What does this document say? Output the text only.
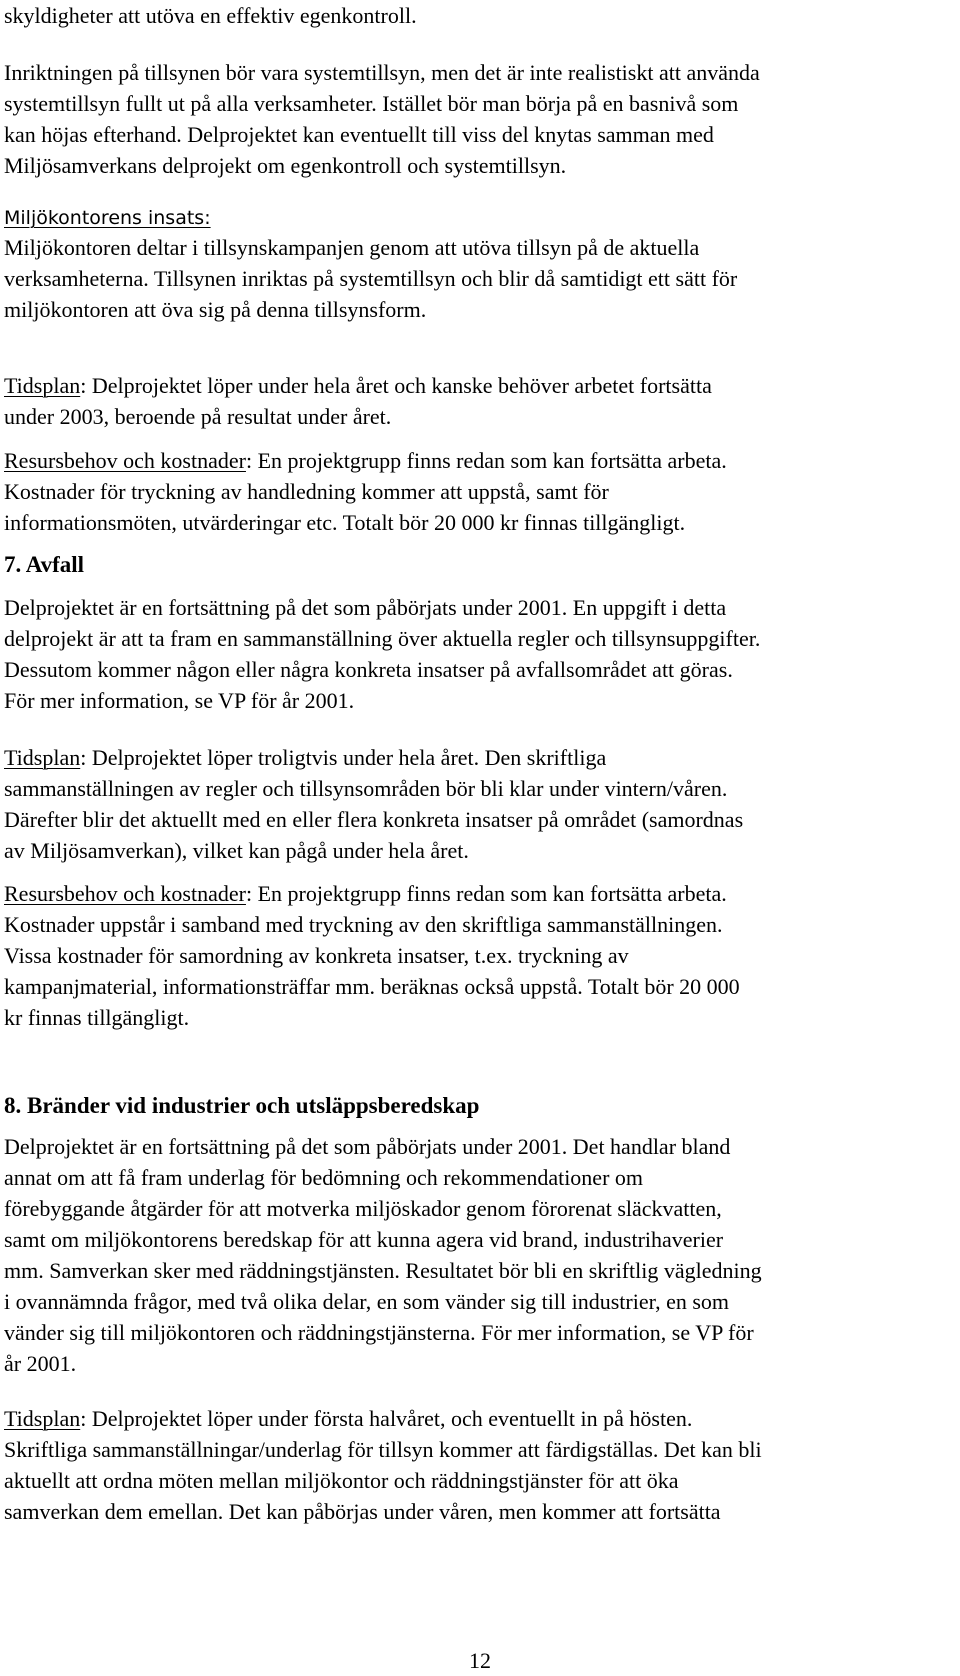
skyldigheter att utöva en effektiv egenkontroll.
Inriktningen på tillsynen bör vara systemtillsyn, men det är inte realistiskt att använda
systemtillsyn fullt ut på alla verksamheter. Istället bör man börja på en basnivå som
kan höjas efterhand. Delprojektet kan eventuellt till viss del knytas samman med
Miljösamverkans delprojekt om egenkontroll och systemtillsyn.
Miljökontorens insats:
Miljökontoren deltar i tillsynskampanjen genom att utöva tillsyn på de aktuella
verksamheterna. Tillsynen inriktas på systemtillsyn och blir då samtidigt ett sätt för
miljökontoren att öva sig på denna tillsynsform.
Tidsplan: Delprojektet löper under hela året och kanske behöver arbetet fortsätta
under 2003, beroende på resultat under året.
Resursbehov och kostnader: En projektgrupp finns redan som kan fortsätta arbeta.
Kostnader för tryckning av handledning kommer att uppstå, samt för
informationsmöten, utvärderingar etc. Totalt bör 20 000 kr finnas tillgängligt.
7. Avfall
Delprojektet är en fortsättning på det som påbörjats under 2001. En uppgift i detta
delprojekt är att ta fram en sammanställning över aktuella regler och tillsynsuppgifter.
Dessutom kommer någon eller några konkreta insatser på avfallsområdet att göras.
För mer information, se VP för år 2001.
Tidsplan: Delprojektet löper troligtvis under hela året. Den skriftliga
sammanställningen av regler och tillsynsområden bör bli klar under vintern/våren.
Därefter blir det aktuellt med en eller flera konkreta insatser på området (samordnas
av Miljösamverkan), vilket kan pågå under hela året.
Resursbehov och kostnader: En projektgrupp finns redan som kan fortsätta arbeta.
Kostnader uppstår i samband med tryckning av den skriftliga sammanställningen.
Vissa kostnader för samordning av konkreta insatser, t.ex. tryckning av
kampanjmaterial, informationsträffar mm. beräknas också uppstå. Totalt bör 20 000
kr finnas tillgängligt.
8. Bränder vid industrier och utsläppsberedskap
Delprojektet är en fortsättning på det som påbörjats under 2001. Det handlar bland
annat om att få fram underlag för bedömning och rekommendationer om
förebyggande åtgärder för att motverka miljöskador genom förorenat släckvatten,
samt om miljökontorens beredskap för att kunna agera vid brand, industrihaverier
mm. Samverkan sker med räddningstjänsten. Resultatet bör bli en skriftlig vägledning
i ovannämnda frågor, med två olika delar, en som vänder sig till industrier, en som
vänder sig till miljökontoren och räddningstjänsterna. För mer information, se VP för
år 2001.
Tidsplan: Delprojektet löper under första halvåret, och eventuellt in på hösten.
Skriftliga sammanställningar/underlag för tillsyn kommer att färdigställas. Det kan bli
aktuellt att ordna möten mellan miljökontor och räddningstjänster för att öka
samverkan dem emellan. Det kan påbörjas under våren, men kommer att fortsätta
12
